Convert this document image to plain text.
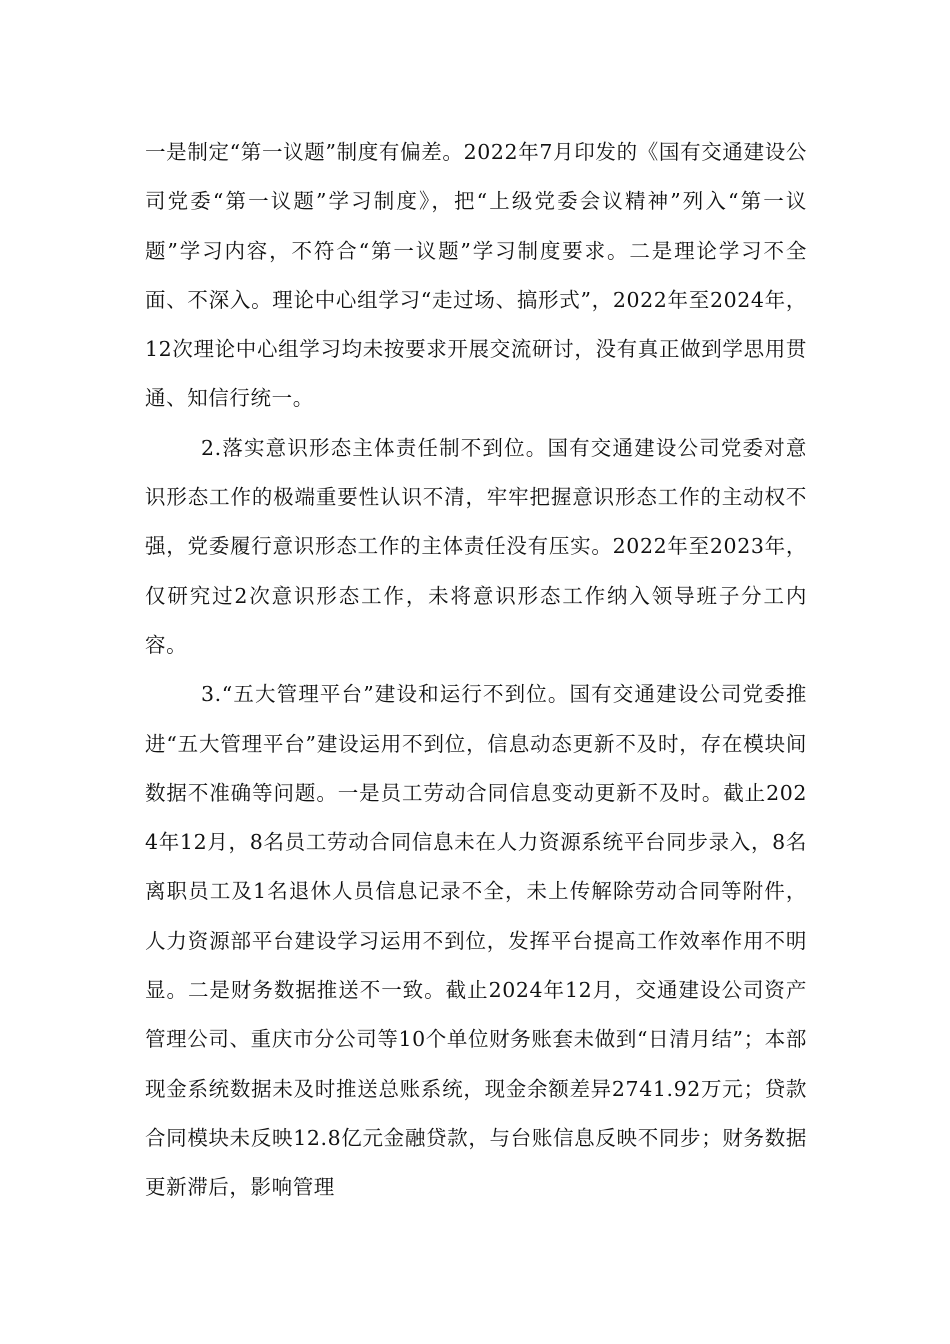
一是制定“第一议题”制度有偏差。2022年7月印发的《国有交通建设公司党委“第一议题”学习制度》，把“上级党委会议精神”列入“第一议题”学习内容，不符合“第一议题”学习制度要求。二是理论学习不全面、不深入。理论中心组学习“走过场、搞形式”，2022年至2024年，12次理论中心组学习均未按要求开展交流研讨，没有真正做到学思用贯通、知信行统一。

2.落实意识形态主体责任制不到位。国有交通建设公司党委对意识形态工作的极端重要性认识不清，牢牢把握意识形态工作的主动权不强，党委履行意识形态工作的主体责任没有压实。2022年至2023年，仅研究过2次意识形态工作，未将意识形态工作纳入领导班子分工内容。

3.“五大管理平台”建设和运行不到位。国有交通建设公司党委推进“五大管理平台”建设运用不到位，信息动态更新不及时，存在模块间数据不准确等问题。一是员工劳动合同信息变动更新不及时。截止2024年12月，8名员工劳动合同信息未在人力资源系统平台同步录入，8名离职员工及1名退休人员信息记录不全，未上传解除劳动合同等附件，人力资源部平台建设学习运用不到位，发挥平台提高工作效率作用不明显。二是财务数据推送不一致。截止2024年12月，交通建设公司资产管理公司、重庆市分公司等10个单位财务账套未做到“日清月结”；本部现金系统数据未及时推送总账系统，现金余额差异2741.92万元；贷款合同模块未反映12.8亿元金融贷款，与台账信息反映不同步；财务数据更新滞后，影响管理
